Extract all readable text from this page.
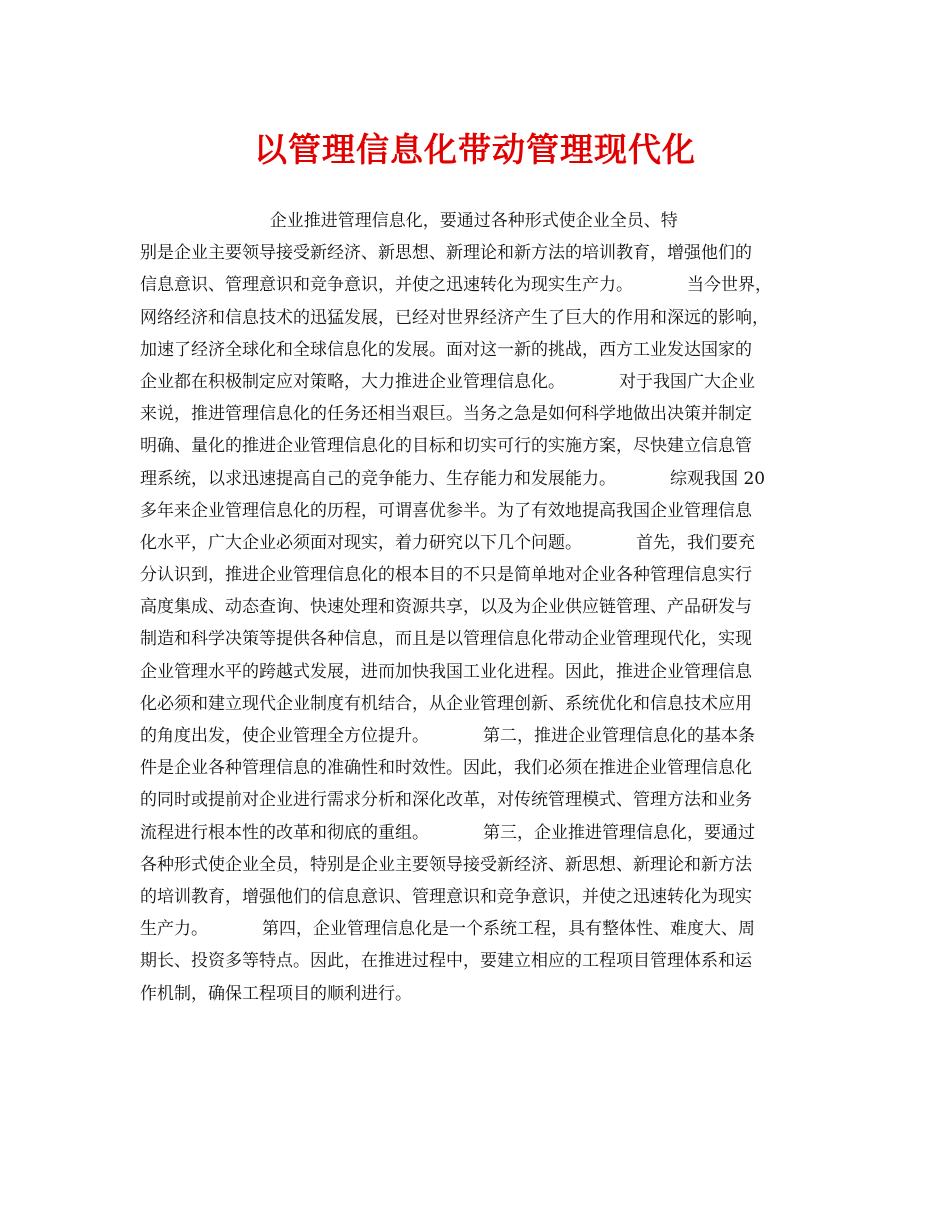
以管理信息化带动管理现代化
企业推进管理信息化，要通过各种形式使企业全员、特
别是企业主要领导接受新经济、新思想、新理论和新方法的培训教育，增强他们的
信息意识、管理意识和竞争意识，并使之迅速转化为现实生产力。          当今世界，
网络经济和信息技术的迅猛发展，已经对世界经济产生了巨大的作用和深远的影响，
加速了经济全球化和全球信息化的发展。面对这一新的挑战，西方工业发达国家的
企业都在积极制定应对策略，大力推进企业管理信息化。          对于我国广大企业
来说，推进管理信息化的任务还相当艰巨。当务之急是如何科学地做出决策并制定
明确、量化的推进企业管理信息化的目标和切实可行的实施方案，尽快建立信息管
理系统，以求迅速提高自己的竞争能力、生存能力和发展能力。          综观我国 20
多年来企业管理信息化的历程，可谓喜优参半。为了有效地提高我国企业管理信息
化水平，广大企业必须面对现实，着力研究以下几个问题。          首先，我们要充
分认识到，推进企业管理信息化的根本目的不只是简单地对企业各种管理信息实行
高度集成、动态查询、快速处理和资源共享，以及为企业供应链管理、产品研发与
制造和科学决策等提供各种信息，而且是以管理信息化带动企业管理现代化，实现
企业管理水平的跨越式发展，进而加快我国工业化进程。因此，推进企业管理信息
化必须和建立现代企业制度有机结合，从企业管理创新、系统优化和信息技术应用
的角度出发，使企业管理全方位提升。          第二，推进企业管理信息化的基本条
件是企业各种管理信息的准确性和时效性。因此，我们必须在推进企业管理信息化
的同时或提前对企业进行需求分析和深化改革，对传统管理模式、管理方法和业务
流程进行根本性的改革和彻底的重组。          第三，企业推进管理信息化，要通过
各种形式使企业全员，特别是企业主要领导接受新经济、新思想、新理论和新方法
的培训教育，增强他们的信息意识、管理意识和竞争意识，并使之迅速转化为现实
生产力。          第四，企业管理信息化是一个系统工程，具有整体性、难度大、周
期长、投资多等特点。因此，在推进过程中，要建立相应的工程项目管理体系和运
作机制，确保工程项目的顺利进行。
